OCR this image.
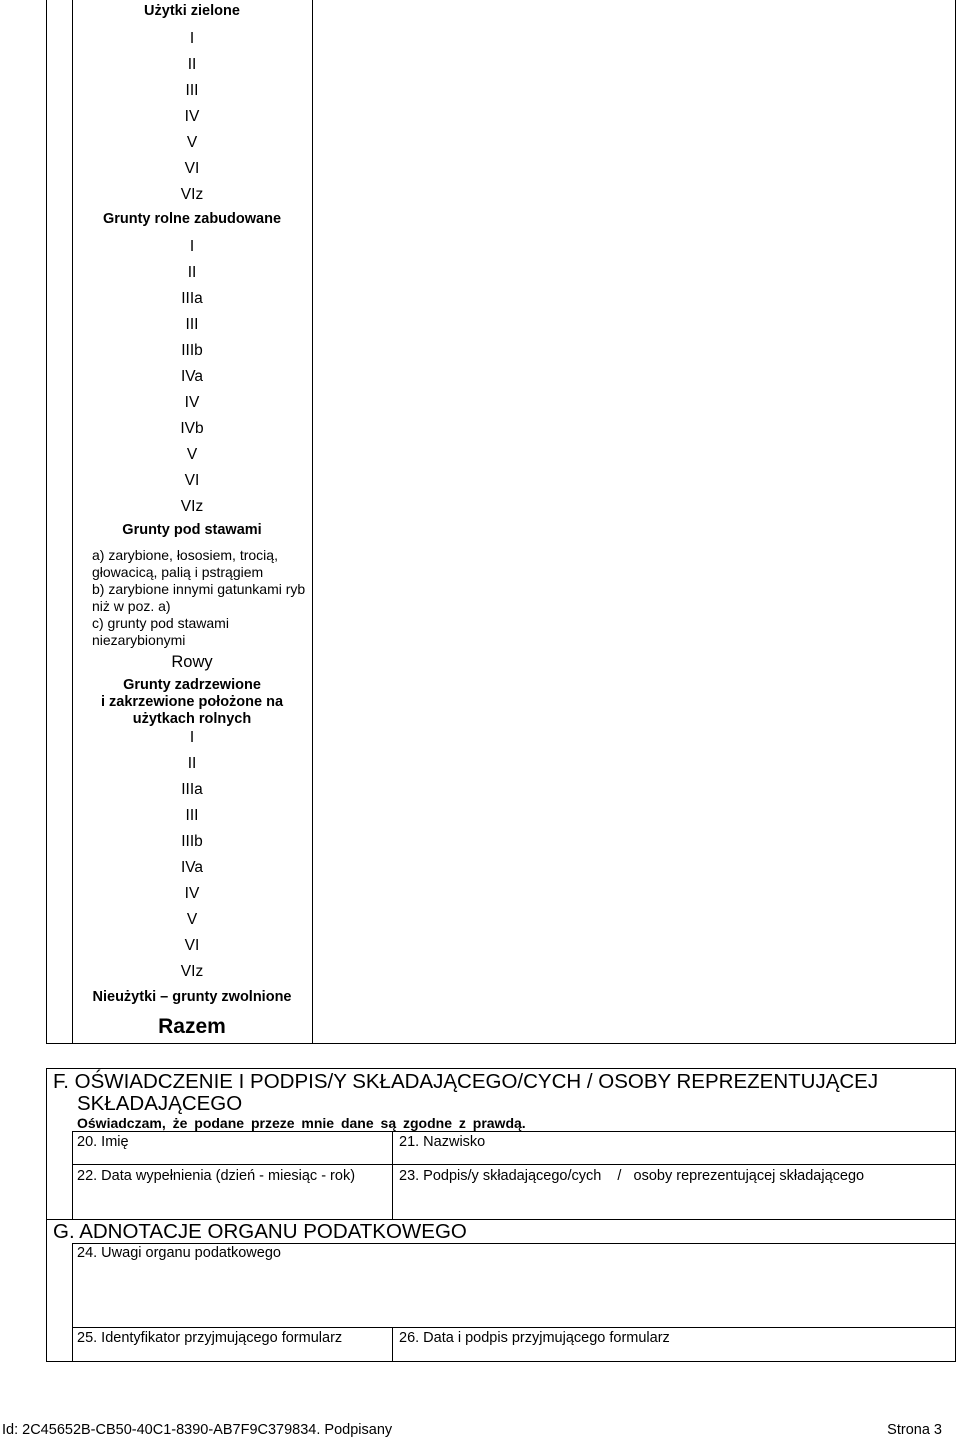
Użytki zielone
I
II
III
IV
V
VI
VIz
Grunty rolne zabudowane
I
II
IIIa
III
IIIb
IVa
IV
IVb
V
VI
VIz
Grunty pod stawami
a) zarybione, łososiem, trocią,
głowacicą, palią i pstrągiem
b) zarybione innymi gatunkami ryb
niż w poz. a)
c) grunty pod stawami
niezarybionymi
Rowy
Grunty zadrzewione
i zakrzewione położone na
użytkach rolnych
I
II
IIIa
III
IIIb
IVa
IV
V
VI
VIz
Nieużytki – grunty zwolnione
Razem
F. OŚWIADCZENIE I PODPIS/Y SKŁADAJĄCEGO/CYCH / OSOBY REPREZENTUJĄCEJ
SKŁADAJĄCEGO
Oświadczam, że podane przeze mnie dane są zgodne z prawdą.
20. Imię	21. Nazwisko
22. Data wypełnienia (dzień - miesiąc - rok)	23. Podpis/y składającego/cych    /   osoby reprezentującej składającego
G. ADNOTACJE ORGANU PODATKOWEGO
24. Uwagi organu podatkowego
25. Identyfikator przyjmującego formularz	26. Data i podpis przyjmującego formularz
Id: 2C45652B-CB50-40C1-8390-AB7F9C379834. Podpisany	Strona 3
